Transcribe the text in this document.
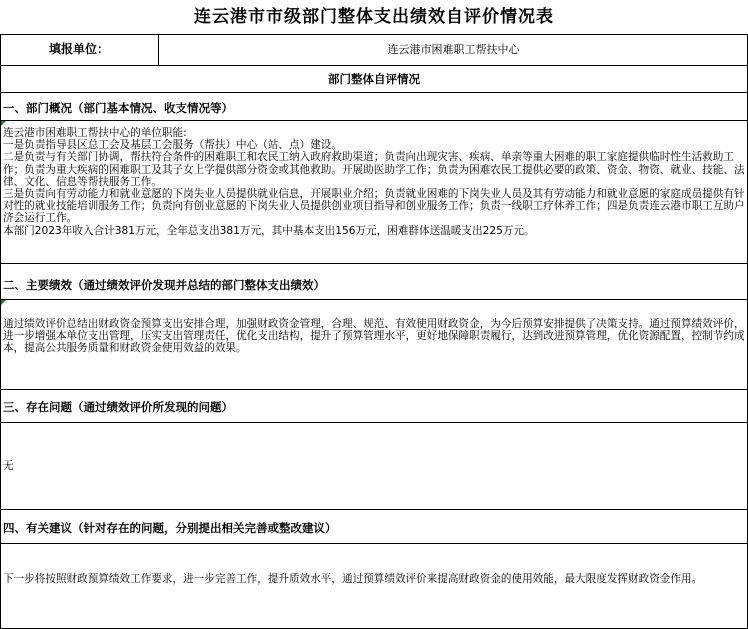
连云港市市级部门整体支出绩效自评价情况表
填报单位：	连云港市困难职工帮扶中心
部门整体自评情况
一、部门概况（部门基本情况、收支情况等）

连云港市困难职工帮扶中心的单位职能:

一是负责指导县区总工会及基层工会服务（帮扶）中心（站、点）建设。

二是负责与有关部门协调，帮扶符合条件的困难职工和农民工纳入政府救助渠道；负责向出现灾害、疾病、单亲等重大困难的职工家庭提供临时性生活救助工作；负责为重大疾病的困难职工及其子女上学提供部分资金或其他救助。开展助医助学工作；负责为困难农民工提供必要的政策、资金、物资、就业、技能、法律、文化、信息等帮扶服务工作。

三是负责向有劳动能力和就业意愿的下岗失业人员提供就业信息，开展职业介绍；负责就业困难的下岗失业人员及其有劳动能力和就业意愿的家庭成员提供有针对性的就业技能培训服务工作；负责向有创业意愿的下岗失业人员提供创业项目指导和创业服务工作；负责一线职工疗休养工作；四是负责连云港市职工互助户济会运行工作。

本部门2023年收入合计381万元，全年总支出381万元，其中基本支出156万元，困难群体送温暖支出225万元。

二、主要绩效（通过绩效评价发现并总结的部门整体支出绩效）

通过绩效评价总结出财政资金预算支出安排合理，加强财政资金管理，合理、规范、有效使用财政资金，为今后预算安排提供了决策支持。通过预算绩效评价，进一步增强本单位支出管理，压实支出管理责任，优化支出结构，提升了预算管理水平，更好地保障职责履行，达到改进预算管理，优化资源配置，控制节约成本，提高公共服务质量和财政资金使用效益的效果。

三、存在问题（通过绩效评价所发现的问题）

无

四、有关建议（针对存在的问题，分别提出相关完善或整改建议）

下一步将按照财政预算绩效工作要求，进一步完善工作，提升质效水平，通过预算绩效评价来提高财政资金的使用效能，最大限度发挥财政资金作用。
